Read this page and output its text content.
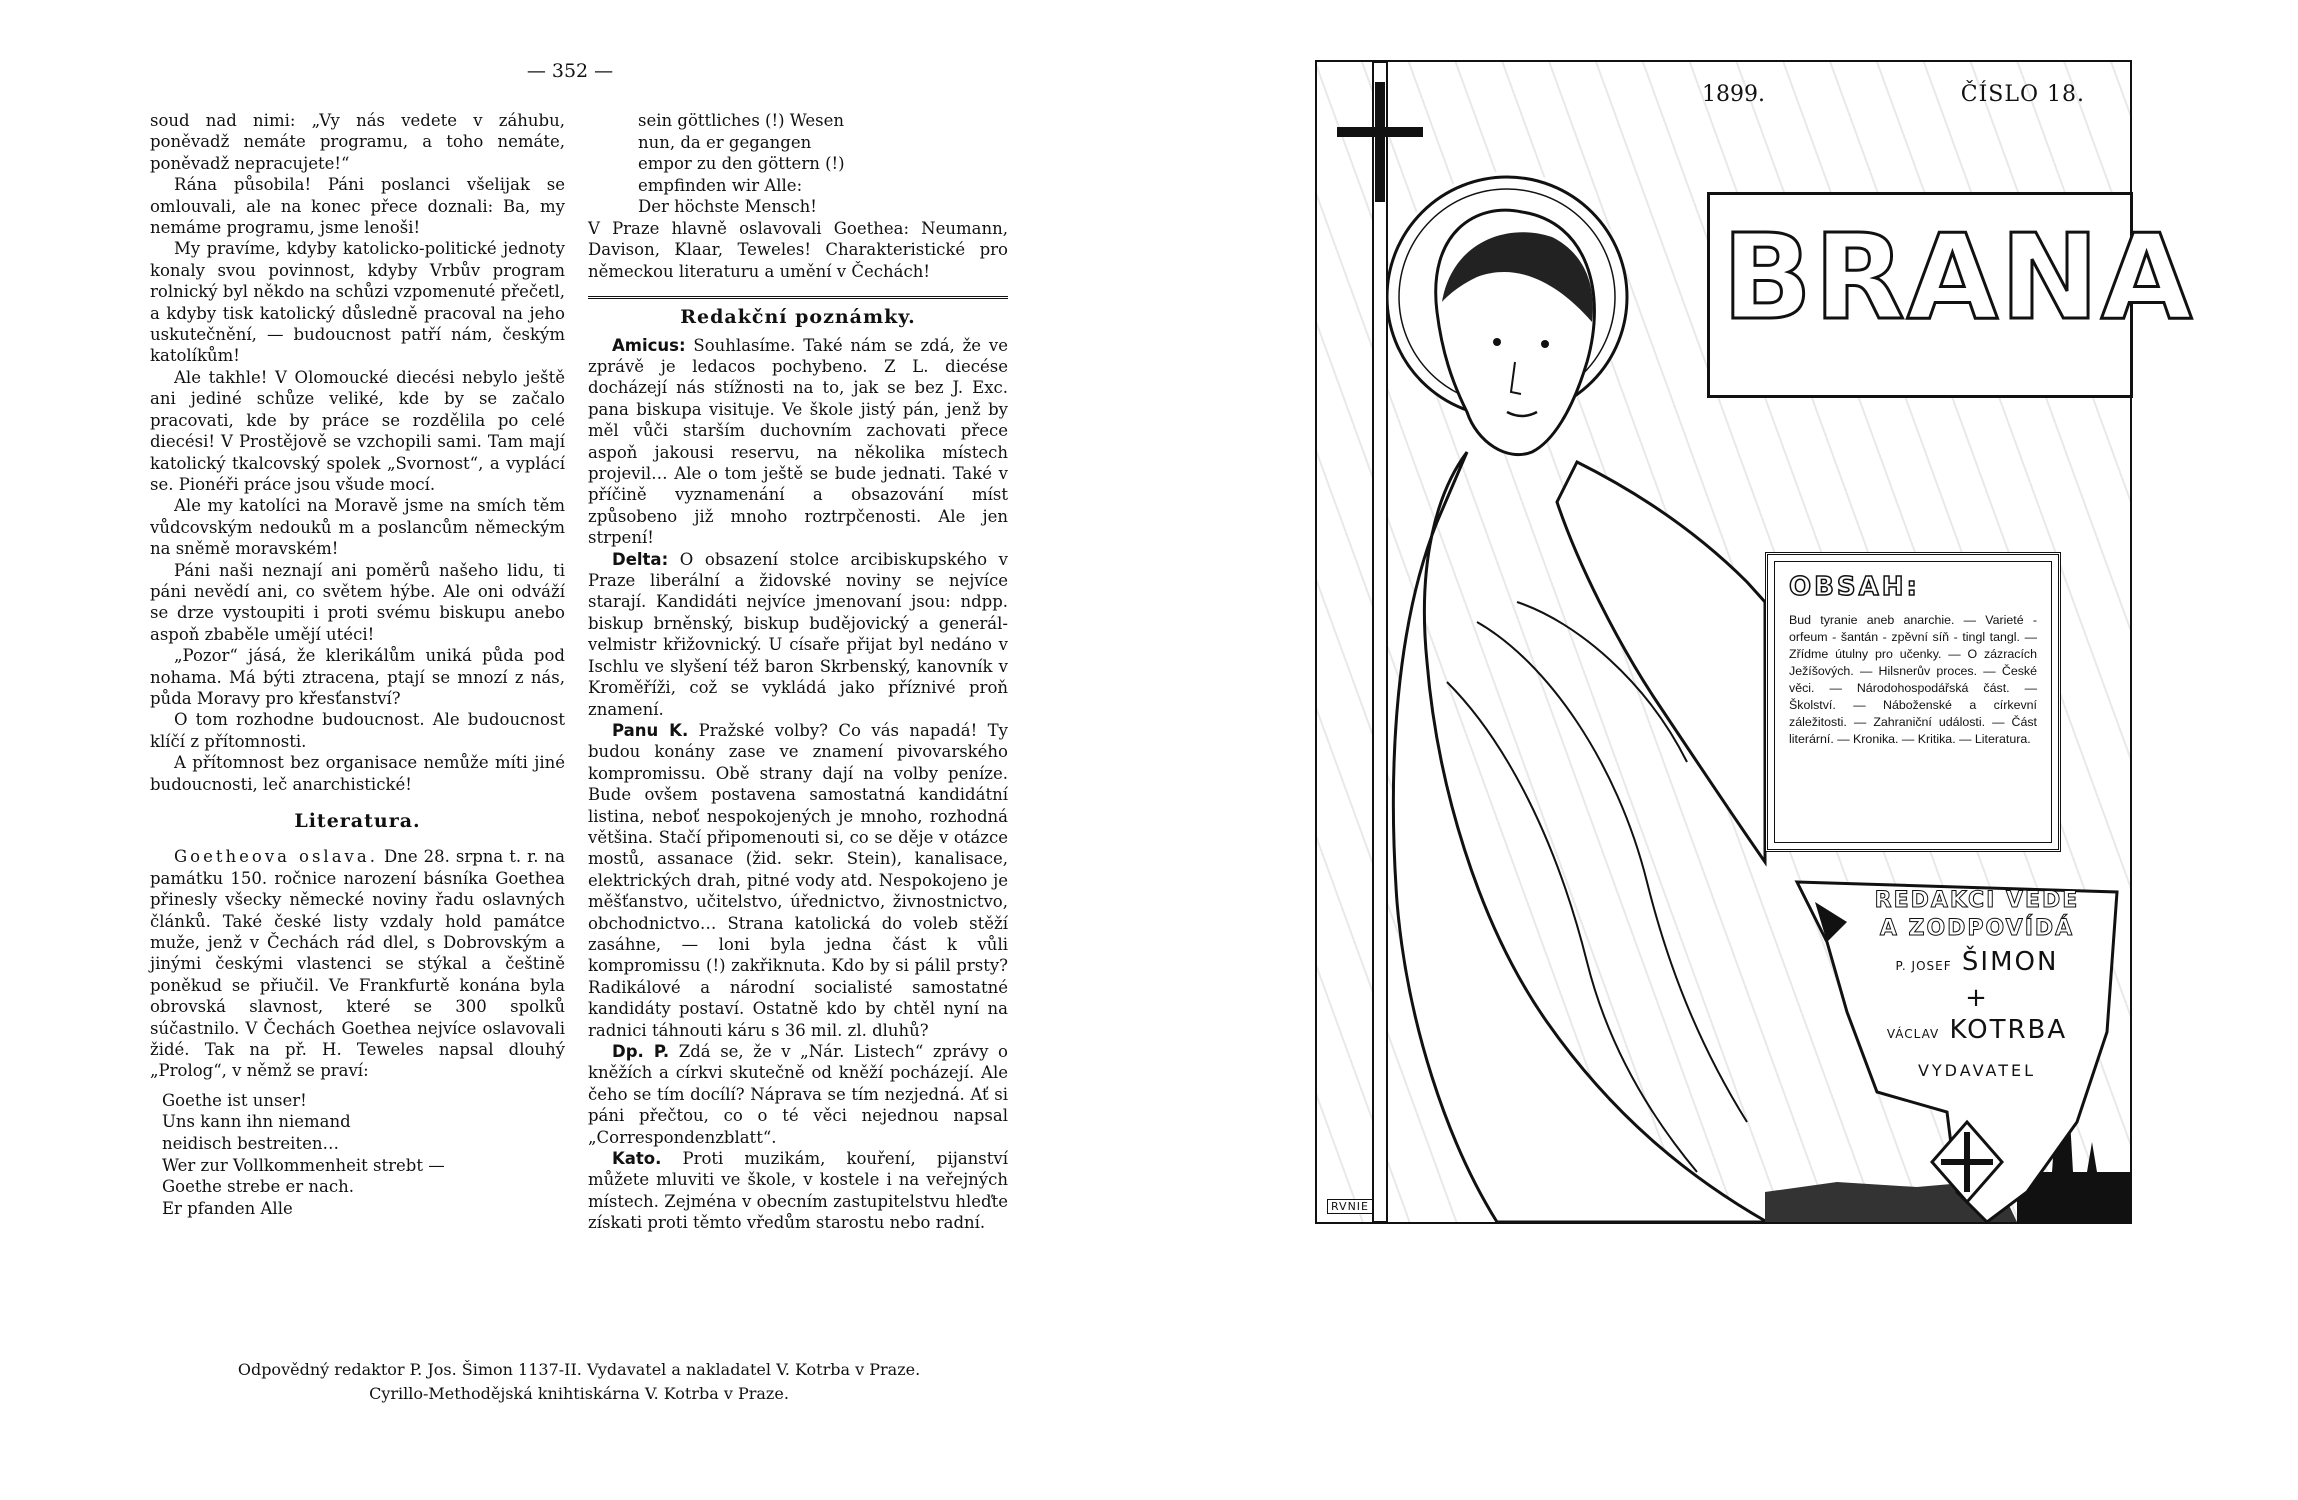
— 352 —

soud nad nimi: „Vy nás vedete v záhubu, poněvadž nemáte programu, a toho nemáte, poněvadž nepracujete!“

Rána působila! Páni poslanci všelijak se omlouvali, ale na konec přece doznali: Ba, my nemáme programu, jsme lenoši!

My pravíme, kdyby katolicko-politické jednoty konaly svou povinnost, kdyby Vrbův program rolnický byl někdo na schůzi vzpomenuté přečetl, a kdyby tisk katolický důsledně pracoval na jeho uskutečnění, — budoucnost patří nám, českým katolíkům!

Ale takhle! V Olomoucké diecési nebylo ještě ani jediné schůze veliké, kde by se začalo pracovati, kde by práce se rozdělila po celé diecési! V Prostějově se vzchopili sami. Tam mají katolický tkalcovský spolek „Svornost“, a vyplácí se. Pionéři práce jsou všude mocí.

Ale my katolíci na Moravě jsme na smích těm vůdcovským nedouků m a poslancům německým na sněmě moravském!

Páni naši neznají ani poměrů našeho lidu, ti páni nevědí ani, co světem hýbe. Ale oni odváží se drze vystoupiti i proti svému biskupu anebo aspoň zbaběle umějí utéci!

„Pozor“ jásá, že klerikálům uniká půda pod nohama. Má býti ztracena, ptají se mnozí z nás, půda Moravy pro křesťanství?

O tom rozhodne budoucnost. Ale budoucnost klíčí z přítomnosti.

A přítomnost bez organisace nemůže míti jiné budoucnosti, leč anarchistické!

Literatura.

Goetheova oslava. Dne 28. srpna t. r. na památku 150. ročnice narození básníka Goethea přinesly všecky německé noviny řadu oslavných článků. Také české listy vzdaly hold památce muže, jenž v Čechách rád dlel, s Dobrovským a jinými českými vlastenci se stýkal a češtině poněkud se přiučil. Ve Frankfurtě konána byla obrovská slavnost, které se 300 spolků súčastnilo. V Čechách Goethea nejvíce oslavovali židé. Tak na př. H. Teweles napsal dlouhý „Prolog“, v němž se praví:

Goethe ist unser!
Uns kann ihn niemand
neidisch bestreiten…
Wer zur Vollkommenheit strebt —
Goethe strebe er nach.
Er pfanden Alle
sein göttliches (!) Wesen
nun, da er gegangen
empor zu den göttern (!)
empfinden wir Alle:
Der höchste Mensch!

V Praze hlavně oslavovali Goethea: Neumann, Davison, Klaar, Teweles! Charakteristické pro německou literaturu a umění v Čechách!

Redakční poznámky.

Amicus: Souhlasíme. Také nám se zdá, že ve zprávě je ledacos pochybeno. Z L. diecése docházejí nás stížnosti na to, jak se bez J. Exc. pana biskupa visituje. Ve škole jistý pán, jenž by měl vůči starším duchovním zachovati přece aspoň jakousi reservu, na několika místech projevil… Ale o tom ještě se bude jednati. Také v příčině vyznamenání a obsazování míst způsobeno již mnoho roztrpčenosti. Ale jen strpení!

Delta: O obsazení stolce arcibiskupského v Praze liberální a židovské noviny se nejvíce starají. Kandidáti nejvíce jmenovaní jsou: ndpp. biskup brněnský, biskup budějovický a generál-velmistr křižovnický. U císaře přijat byl nedáno v Ischlu ve slyšení též baron Skrbenský, kanovník v Kroměříži, což se vykládá jako příznivé proň znamení.

Panu K. Pražské volby? Co vás napadá! Ty budou konány zase ve znamení pivovarského kompromissu. Obě strany dají na volby peníze. Bude ovšem postavena samostatná kandidátní listina, neboť nespokojených je mnoho, rozhodná většina. Stačí připomenouti si, co se děje v otázce mostů, assanace (žid. sekr. Stein), kanalisace, elektrických drah, pitné vody atd. Nespokojeno je měšťanstvo, učitelstvo, úřednictvo, živnostnictvo, obchodnictvo… Strana katolická do voleb stěží zasáhne, — loni byla jedna část k vůli kompromissu (!) zakřiknuta. Kdo by si pálil prsty? Radikálové a národní socialisté samostatné kandidáty postaví. Ostatně kdo by chtěl nyní na radnici táhnouti káru s 36 mil. zl. dluhů?

Dp. P. Zdá se, že v „Nár. Listech“ zprávy o kněžích a církvi skutečně od kněží pocházejí. Ale čeho se tím docílí? Náprava se tím nezjedná. Ať si páni přečtou, co o té věci nejednou napsal „Correspondenzblatt“.

Kato. Proti muzikám, kouření, pijanství můžete mluviti ve škole, v kostele i na veřejných místech. Zejména v obecním zastupitelstvu hleďte získati proti těmto vředům starostu nebo radní.

Odpovědný redaktor P. Jos. Šimon 1137-II. Vydavatel a nakladatel V. Kotrba v Praze.
Cyrillo-Methodějská knihtiskárna V. Kotrba v Praze.
1899.	ČÍSLO 18.
BRANA
OBSAH:
Bud tyranie aneb anarchie. — Varieté - orfeum - šantán - zpěvní síň - tingl tangl. — Zřídme útulny pro učenky. — O zázracích Ježíšových. — Hilsnerův proces. — České věci. — Národohospodářská část. — Školství. — Náboženské a církevní záležitosti. — Zahraniční události. — Část literární. — Kronika. — Kritika. — Literatura.
REDAKCI VEDE
A ZODPOVÍDÁ
P. JOSEF ŠIMON
+
VÁCLAV KOTRBA
VYDAVATEL
RVNIE
